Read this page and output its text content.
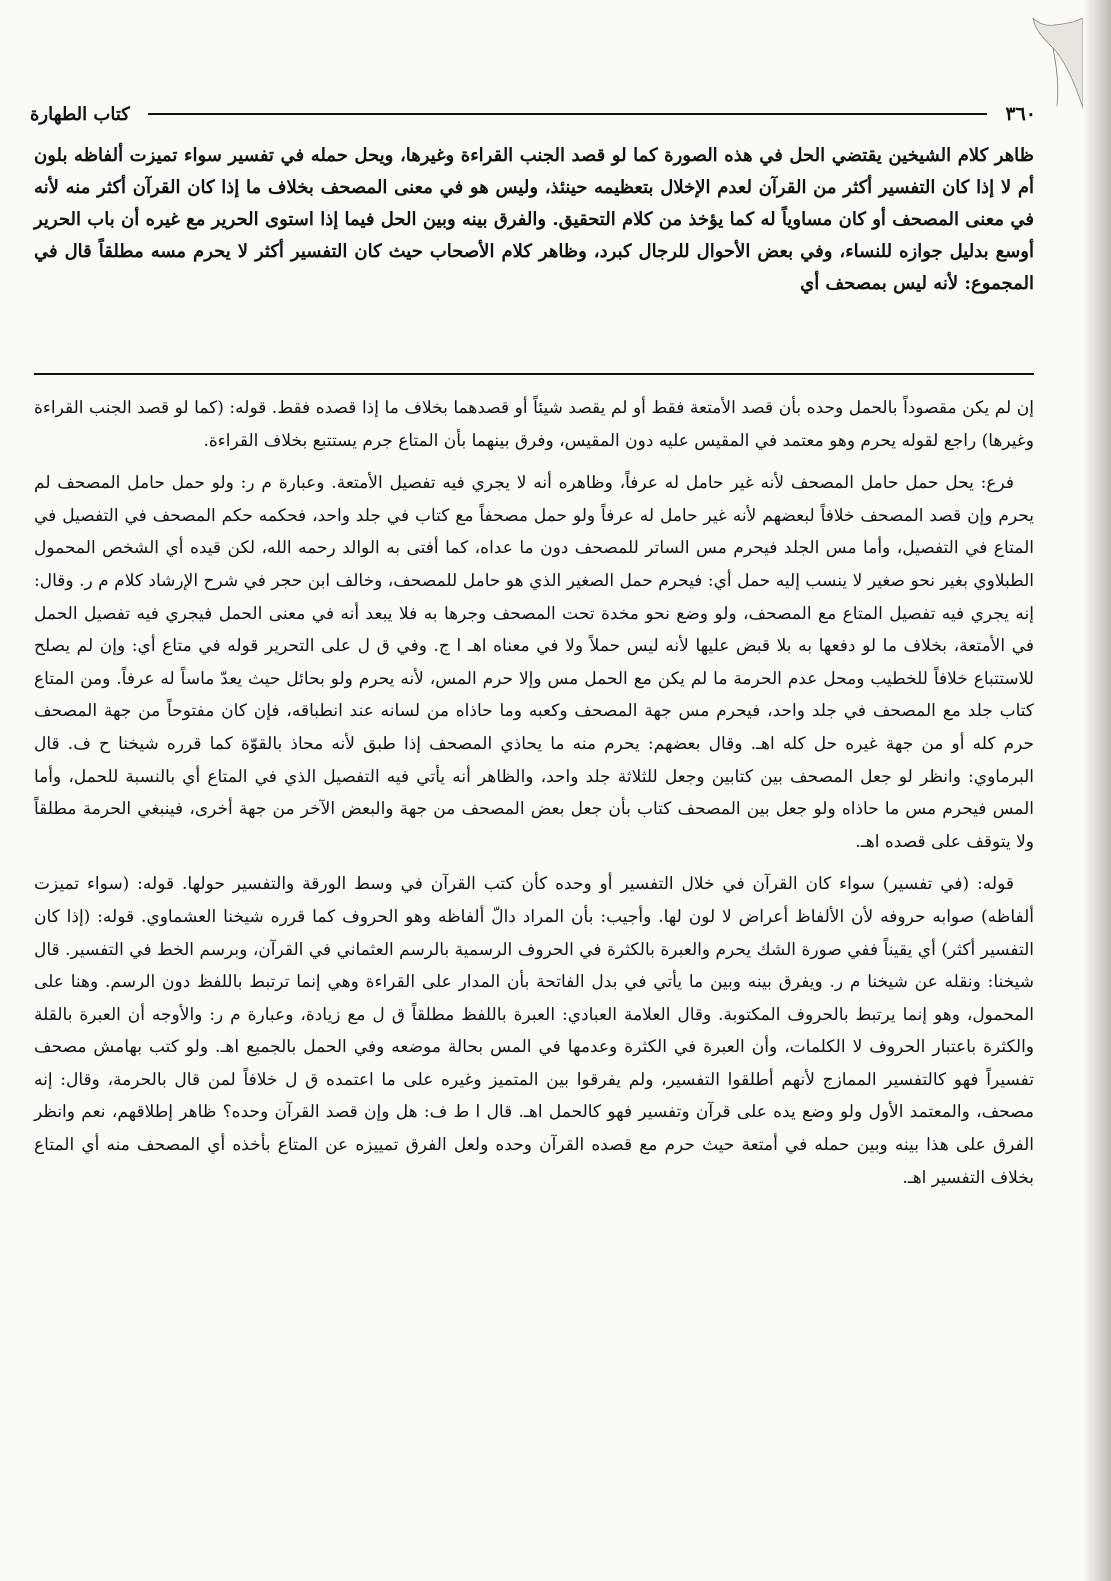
٣٦٠
كتاب الطهارة

ظاهر كلام الشيخين يقتضي الحل في هذه الصورة كما لو قصد الجنب القراءة وغيرها، ويحل حمله في تفسير سواء تميزت ألفاظه بلون أم لا إذا كان التفسير أكثر من القرآن لعدم الإخلال بتعظيمه حينئذ، وليس هو في معنى المصحف بخلاف ما إذا كان القرآن أكثر منه لأنه في معنى المصحف أو كان مساوياً له كما يؤخذ من كلام التحقيق. والفرق بينه وبين الحل فيما إذا استوى الحرير مع غيره أن باب الحرير أوسع بدليل جوازه للنساء، وفي بعض الأحوال للرجال كبرد، وظاهر كلام الأصحاب حيث كان التفسير أكثر لا يحرم مسه مطلقاً قال في المجموع: لأنه ليس بمصحف أي

إن لم يكن مقصوداً بالحمل وحده بأن قصد الأمتعة فقط أو لم يقصد شيئاً أو قصدهما بخلاف ما إذا قصده فقط. قوله: (كما لو قصد الجنب القراءة وغيرها) راجع لقوله يحرم وهو معتمد في المقيس عليه دون المقيس، وفرق بينهما بأن المتاع جرم يستتبع بخلاف القراءة.

فرع: يحل حمل حامل المصحف لأنه غير حامل له عرفاً، وظاهره أنه لا يجري فيه تفصيل الأمتعة. وعبارة م ر: ولو حمل حامل المصحف لم يحرم وإن قصد المصحف خلافاً لبعضهم لأنه غير حامل له عرفاً ولو حمل مصحفاً مع كتاب في جلد واحد، فحكمه حكم المصحف في التفصيل في المتاع في التفصيل، وأما مس الجلد فيحرم مس الساتر للمصحف دون ما عداه، كما أفتى به الوالد رحمه الله، لكن قيده أي الشخص المحمول الطبلاوي بغير نحو صغير لا ينسب إليه حمل أي: فيحرم حمل الصغير الذي هو حامل للمصحف، وخالف ابن حجر في شرح الإرشاد كلام م ر. وقال: إنه يجري فيه تفصيل المتاع مع المصحف، ولو وضع نحو مخدة تحت المصحف وجرها به فلا يبعد أنه في معنى الحمل فيجري فيه تفصيل الحمل في الأمتعة، بخلاف ما لو دفعها به بلا قبض عليها لأنه ليس حملاً ولا في معناه اهـ ا ج. وفي ق ل على التحرير قوله في متاع أي: وإن لم يصلح للاستتباع خلافاً للخطيب ومحل عدم الحرمة ما لم يكن مع الحمل مس وإلا حرم المس، لأنه يحرم ولو بحائل حيث يعدّ ماساً له عرفاً. ومن المتاع كتاب جلد مع المصحف في جلد واحد، فيحرم مس جهة المصحف وكعبه وما حاذاه من لسانه عند انطباقه، فإن كان مفتوحاً من جهة المصحف حرم كله أو من جهة غيره حل كله اهـ. وقال بعضهم: يحرم منه ما يحاذي المصحف إذا طبق لأنه محاذ بالقوّة كما قرره شيخنا ح ف. قال البرماوي: وانظر لو جعل المصحف بين كتابين وجعل للثلاثة جلد واحد، والظاهر أنه يأتي فيه التفصيل الذي في المتاع أي بالنسبة للحمل، وأما المس فيحرم مس ما حاذاه ولو جعل بين المصحف كتاب بأن جعل بعض المصحف من جهة والبعض الآخر من جهة أخرى، فينبغي الحرمة مطلقاً ولا يتوقف على قصده اهـ.

قوله: (في تفسير) سواء كان القرآن في خلال التفسير أو وحده كأن كتب القرآن في وسط الورقة والتفسير حولها. قوله: (سواء تميزت ألفاظه) صوابه حروفه لأن الألفاظ أعراض لا لون لها. وأجيب: بأن المراد دالّ ألفاظه وهو الحروف كما قرره شيخنا العشماوي. قوله: (إذا كان التفسير أكثر) أي يقيناً ففي صورة الشك يحرم والعبرة بالكثرة في الحروف الرسمية بالرسم العثماني في القرآن، وبرسم الخط في التفسير. قال شيخنا: ونقله عن شيخنا م ر. ويفرق بينه وبين ما يأتي في بدل الفاتحة بأن المدار على القراءة وهي إنما ترتبط باللفظ دون الرسم. وهنا على المحمول، وهو إنما يرتبط بالحروف المكتوبة. وقال العلامة العبادي: العبرة باللفظ مطلقاً ق ل مع زيادة، وعبارة م ر: والأوجه أن العبرة بالقلة والكثرة باعتبار الحروف لا الكلمات، وأن العبرة في الكثرة وعدمها في المس بحالة موضعه وفي الحمل بالجميع اهـ. ولو كتب بهامش مصحف تفسيراً فهو كالتفسير الممازج لأنهم أطلقوا التفسير، ولم يفرقوا بين المتميز وغيره على ما اعتمده ق ل خلافاً لمن قال بالحرمة، وقال: إنه مصحف، والمعتمد الأول ولو وضع يده على قرآن وتفسير فهو كالحمل اهـ. قال ا ط ف: هل وإن قصد القرآن وحده؟ ظاهر إطلاقهم، نعم وانظر الفرق على هذا بينه وبين حمله في أمتعة حيث حرم مع قصده القرآن وحده ولعل الفرق تمييزه عن المتاع بأخذه أي المصحف منه أي المتاع بخلاف التفسير اهـ.
